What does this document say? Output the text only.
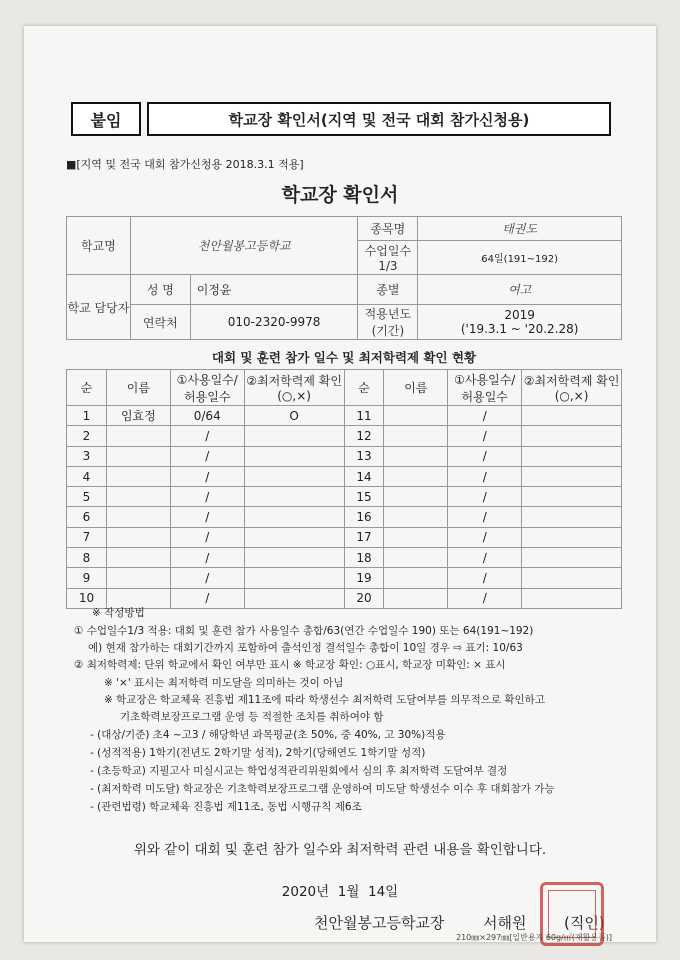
붙임	학교장 확인서(지역 및 전국 대회 참가신청용)
■[지역 및 전국 대회 참가신청용 2018.3.1 적용]
학교장 확인서
학교명	천안월봉고등학교		종목명	태권도
			수업일수 1/3	64일(191~192)
학교 담당자	성 명	이정윤	종별	여고
	연락처	010-2320-9978	적용년도 (기간)	2019
('19.3.1 ~ '20.2.28)
대회 및 훈련 참가 일수 및 최저학력제 확인 현황
순	이름	①사용일수/ 허용일수	②최저학력제 확인(○,×)	순	이름	①사용일수/ 허용일수	②최저학력제 확인(○,×)
1	임효정	0/64	O	11		/	
2		/		12		/	
3		/		13		/	
4		/		14		/	
5		/		15		/	
6		/		16		/	
7		/		17		/	
8		/		18		/	
9		/		19		/	
10		/		20		/	
※ 작성방법
① 수업일수1/3 적용: 대회 및 훈련 참가 사용일수 총합/63(연간 수업일수 190) 또는 64(191~192)
예) 현재 참가하는 대회기간까지 포함하여 출석인정 결석일수 총합이 10일 경우 ⇨ 표기: 10/63
② 최저학력제: 단위 학교에서 확인 여부만 표시 ※ 학교장 확인: ○표시, 학교장 미확인: × 표시
※ '×' 표시는 최저학력 미도달을 의미하는 것이 아님
※ 학교장은 학교체육 진흥법 제11조에 따라 학생선수 최저학력 도달여부를 의무적으로 확인하고
기초학력보장프로그램 운영 등 적절한 조치를 취하여야 함
- (대상/기준) 초4 ~고3 / 해당학년 과목평균(초 50%, 중 40%, 고 30%)적용
- (성적적용) 1학기(전년도 2학기말 성적), 2학기(당해연도 1학기말 성적)
- (초등학교) 지필고사 미실시교는 학업성적관리위원회에서 심의 후 최저학력 도달여부 결정
- (최저학력 미도달) 학교장은 기초학력보장프로그램 운영하여 미도달 학생선수 이수 후 대회참가 가능
- (관련법령) 학교체육 진흥법 제11조, 동법 시행규칙 제6조
위와 같이 대회 및 훈련 참가 일수와 최저학력 관련 내용을 확인합니다.
2020년  1월  14일
천안월봉고등학교장	서해원	(직인)
210㎜×297㎜[일반용지 60g/㎡(재활용품)]
